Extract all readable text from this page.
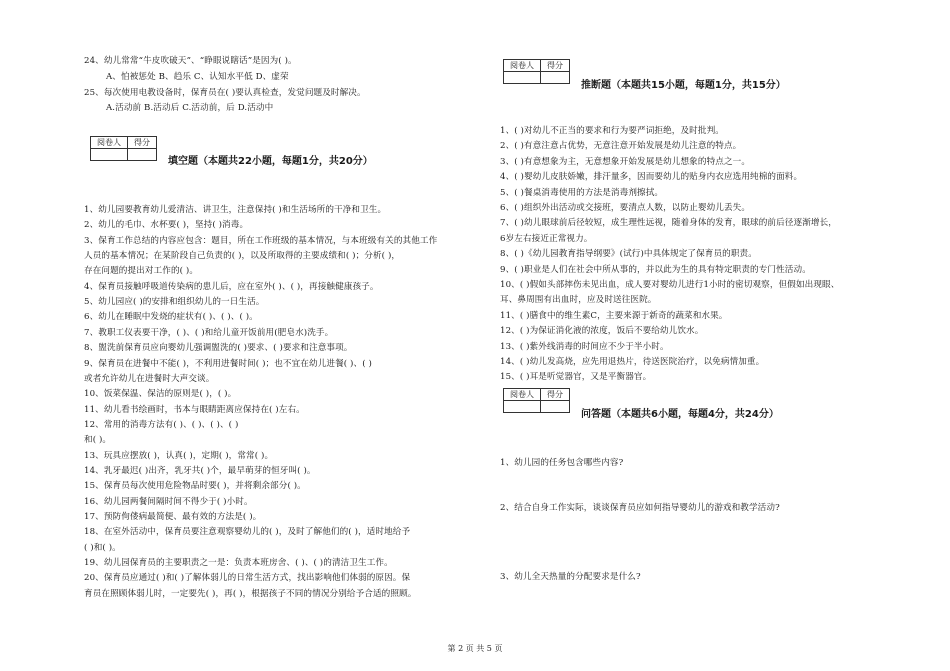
24、幼儿常常“牛皮吹破天”、“睁眼说瞎话”是因为( )。
A、怕被惩处 B、趋乐 C、认知水平低 D、虚荣
25、每次使用电教设备时，保育员在( )要认真检查，发觉问题及时解决。
A.活动前 B.活动后 C.活动前，后 D.活动中
阅卷人	得分

填空题（本题共22小题，每题1分，共20分）
1、幼儿园要教育幼儿爱清洁、讲卫生，注意保持( )和生活场所的干净和卫生。
2、幼儿的毛巾、水杯要( )，坚持( )消毒。
3、保育工作总结的内容应包含：题目，所在工作班级的基本情况，与本班级有关的其他工作
人员的基本情况；在某阶段自己负责的( )，以及所取得的主要成绩和( )；分析( )，
存在问题的提出对工作的( )。
4、保育员接触呼吸道传染病的患儿后，应在室外( )、( )，再接触健康孩子。
5、幼儿园应( )的安排和组织幼儿的一日生活。
6、幼儿在睡眠中发烧的症状有( )、( )、( )。
7、教职工仪表要干净，( )、( )和给儿童开饭前用(肥皂水)洗手。
8、盥洗前保育员应向婴幼儿强调盥洗的( )要求、( )要求和注意事项。
9、保育员在进餐中不能( )，不利用进餐时间( )；也不宜在幼儿进餐( )、( )
或者允许幼儿在进餐时大声交谈。
10、饭菜保温、保洁的原则是( )，( )。
11、幼儿看书绘画时，书本与眼睛距离应保持在( )左右。
12、常用的消毒方法有( )、( )、( )、( )
和( )。
13、玩具应摆放( )，认真( )，定期( )，常常( )。
14、乳牙最迟( )出齐，乳牙共( )个，最早萌芽的恒牙叫( )。
15、保育员每次使用危险物品时要( )，并将剩余部分( )。
16、幼儿园两餐间隔时间不得少于( )小时。
17、预防佝偻病最简便、最有效的方法是( )。
18、在室外活动中，保育员要注意观察婴幼儿的( )，及时了解他们的( )，适时地给予
( )和( )。
19、幼儿园保育员的主要职责之一是：负责本班房舍、( )、( )的清洁卫生工作。
20、保育员应通过( )和( )了解体弱儿的日常生活方式，找出影响他们体弱的原因。保
育员在照顾体弱儿时，一定要先( )，再( )，根据孩子不同的情况分别给予合适的照顾。
阅卷人	得分

推断题（本题共15小题，每题1分，共15分）
1、( )对幼儿不正当的要求和行为要严词拒绝，及时批判。
2、( )有意注意占优势，无意注意开始发展是幼儿注意的特点。
3、( )有意想象为主，无意想象开始发展是幼儿想象的特点之一。
4、( )婴幼儿皮肤娇嫩，排汗量多，因而要幼儿的贴身内衣应选用纯棉的面料。
5、( )餐桌消毒使用的方法是消毒剂擦拭。
6、( )组织外出活动或交接班，要清点人数，以防止婴幼儿丢失。
7、( )幼儿眼球前后径较短，成生理性远视，随着身体的发育，眼球的前后径逐渐增长，
6岁左右接近正常视力。
8、( )《幼儿园教育指导纲要》(试行)中具体规定了保育员的职责。
9、( )职业是人们在社会中所从事的，并以此为生的具有特定职责的专门性活动。
10、( )假如头部摔伤未见出血，成人要对婴幼儿进行1小时的密切观察，但假如出现眼、
耳、鼻周围有出血时，应及时送往医院。
11、( )膳食中的维生素C，主要来源于新奇的蔬菜和水果。
12、( )为保证消化液的浓度，饭后不要给幼儿饮水。
13、( )紫外线消毒的时间应不少于半小时。
14、( )幼儿发高烧，应先用退热片，待送医院治疗，以免病情加重。
15、( )耳是听觉器官，又是平衡器官。
阅卷人	得分

问答题（本题共6小题，每题4分，共24分）
1、幼儿园的任务包含哪些内容?
2、结合自身工作实际，谈谈保育员应如何指导婴幼儿的游戏和教学活动?
3、幼儿全天热量的分配要求是什么?
第 2 页 共 5 页
